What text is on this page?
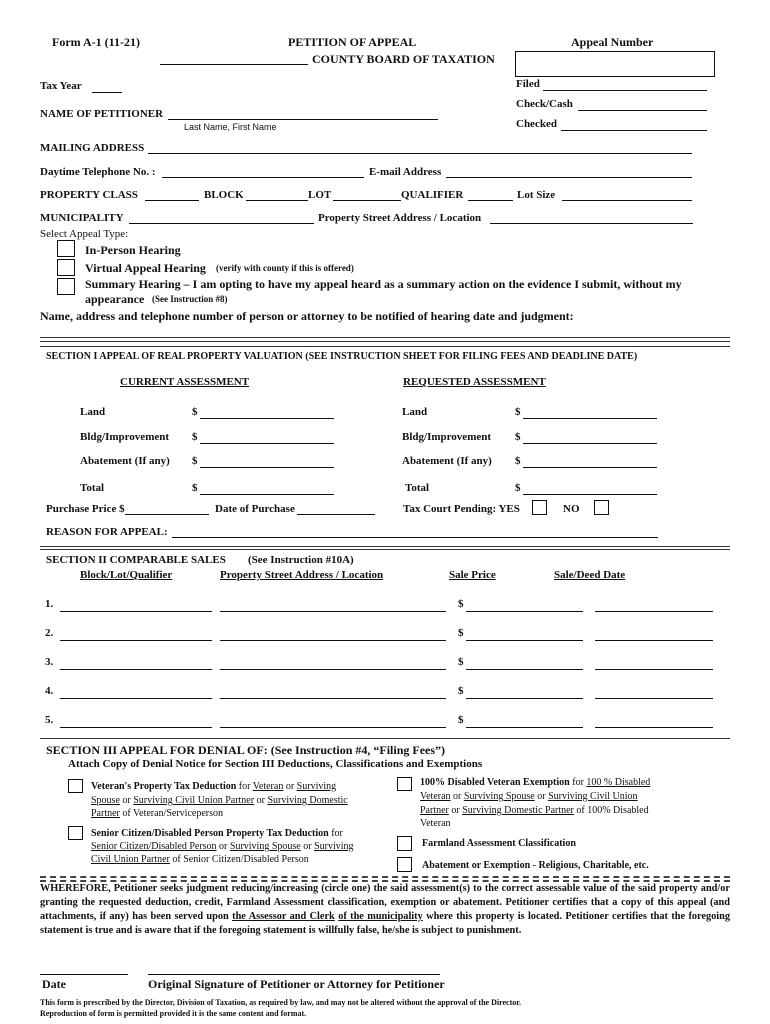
Form A-1 (11-21)	PETITION OF APPEAL
COUNTY BOARD OF TAXATION
Appeal Number
Filed
Check/Cash
Checked
Tax Year
NAME OF PETITIONER
Last Name, First Name
MAILING ADDRESS
Daytime Telephone No. :	E-mail Address
PROPERTY CLASS	BLOCK	LOT	QUALIFIER	Lot Size
MUNICIPALITY	Property Street Address / Location
Select Appeal Type:
In-Person Hearing
Virtual Appeal Hearing (verify with county if this is offered)
Summary Hearing – I am opting to have my appeal heard as a summary action on the evidence I submit, without my
appearance (See Instruction #8)
Name, address and telephone number of person or attorney to be notified of hearing date and judgment:
SECTION I APPEAL OF REAL PROPERTY VALUATION (SEE INSTRUCTION SHEET FOR FILING FEES AND DEADLINE DATE)
CURRENT ASSESSMENT	REQUESTED ASSESSMENT
Land	$
Bldg/Improvement $
Abatement (If any) $
Total	$
Land	$
Bldg/Improvement $
Abatement (If any) $
Total	$
Purchase Price $	Date of Purchase	Tax Court Pending: YES	NO
REASON FOR APPEAL:
SECTION II COMPARABLE SALES (See Instruction #10A)
Block/Lot/Qualifier	Property Street Address / Location	Sale Price	Sale/Deed Date
1.	$
2.	$
3.	$
4.	$
5.	$
SECTION III APPEAL FOR DENIAL OF: (See Instruction #4, “Filing Fees”)
Attach Copy of Denial Notice for Section III Deductions, Classifications and Exemptions
Veteran's Property Tax Deduction for Veteran or Surviving
Spouse or Surviving Civil Union Partner or Surviving Domestic
Partner of Veteran/Serviceperson
Senior Citizen/Disabled Person Property Tax Deduction for
Senior Citizen/Disabled Person or Surviving Spouse or Surviving
Civil Union Partner of Senior Citizen/Disabled Person
100% Disabled Veteran Exemption for 100 % Disabled
Veteran or Surviving Spouse or Surviving Civil Union
Partner or Surviving Domestic Partner of 100% Disabled
Veteran
Farmland Assessment Classification
Abatement or Exemption - Religious, Charitable, etc.
WHEREFORE, Petitioner seeks judgment reducing/increasing (circle one) the said assessment(s) to the correct assessable value of the said property and/or granting the requested deduction, credit, Farmland Assessment classification, exemption or abatement. Petitioner certifies that a copy of this appeal (and attachments, if any) has been served upon the Assessor and Clerk of the municipality where this property is located. Petitioner certifies that the foregoing statement is true and is aware that if the foregoing statement is willfully false, he/she is subject to punishment.
Date	Original Signature of Petitioner or Attorney for Petitioner
This form is prescribed by the Director, Division of Taxation, as required by law, and may not be altered without the approval of the Director.
Reproduction of form is permitted provided it is the same content and format.
